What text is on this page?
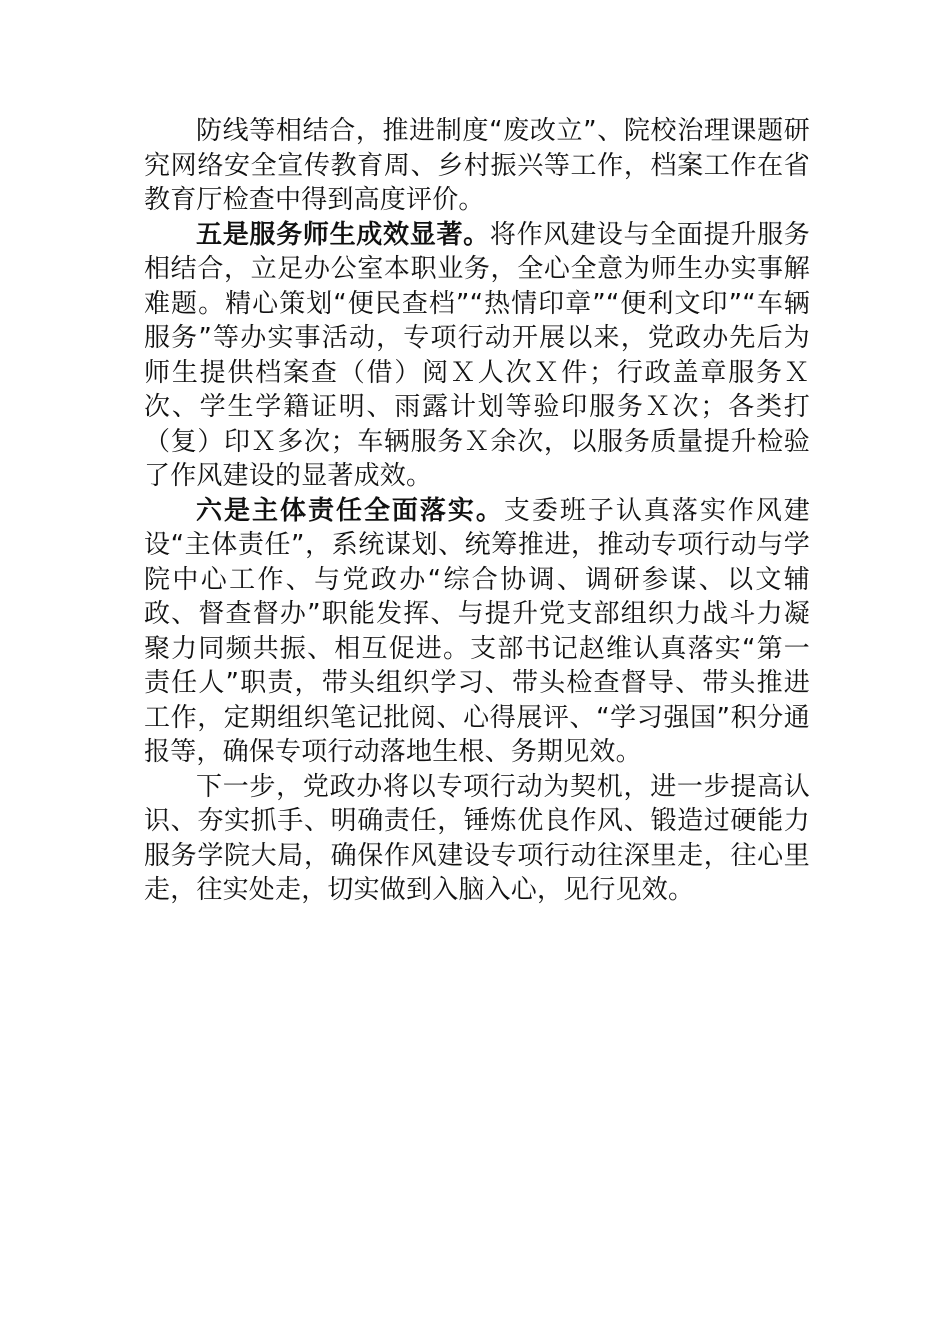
防线等相结合，推进制度“废改立”、院校治理课题研究网络安全宣传教育周、乡村振兴等工作，档案工作在省教育厅检查中得到高度评价。

五是服务师生成效显著。将作风建设与全面提升服务相结合，立足办公室本职业务，全心全意为师生办实事解难题。精心策划“便民查档”“热情印章”“便利文印”“车辆服务”等办实事活动，专项行动开展以来，党政办先后为师生提供档案查（借）阅Ｘ人次Ｘ件；行政盖章服务Ｘ次、学生学籍证明、雨露计划等验印服务Ｘ次；各类打（复）印Ｘ多次；车辆服务Ｘ余次，以服务质量提升检验了作风建设的显著成效。

六是主体责任全面落实。支委班子认真落实作风建设“主体责任”，系统谋划、统筹推进，推动专项行动与学院中心工作、与党政办“综合协调、调研参谋、以文辅政、督查督办”职能发挥、与提升党支部组织力战斗力凝聚力同频共振、相互促进。支部书记赵维认真落实“第一责任人”职责，带头组织学习、带头检查督导、带头推进工作，定期组织笔记批阅、心得展评、“学习强国”积分通报等，确保专项行动落地生根、务期见效。

下一步，党政办将以专项行动为契机，进一步提高认识、夯实抓手、明确责任，锤炼优良作风、锻造过硬能力服务学院大局，确保作风建设专项行动往深里走，往心里走，往实处走，切实做到入脑入心，见行见效。
